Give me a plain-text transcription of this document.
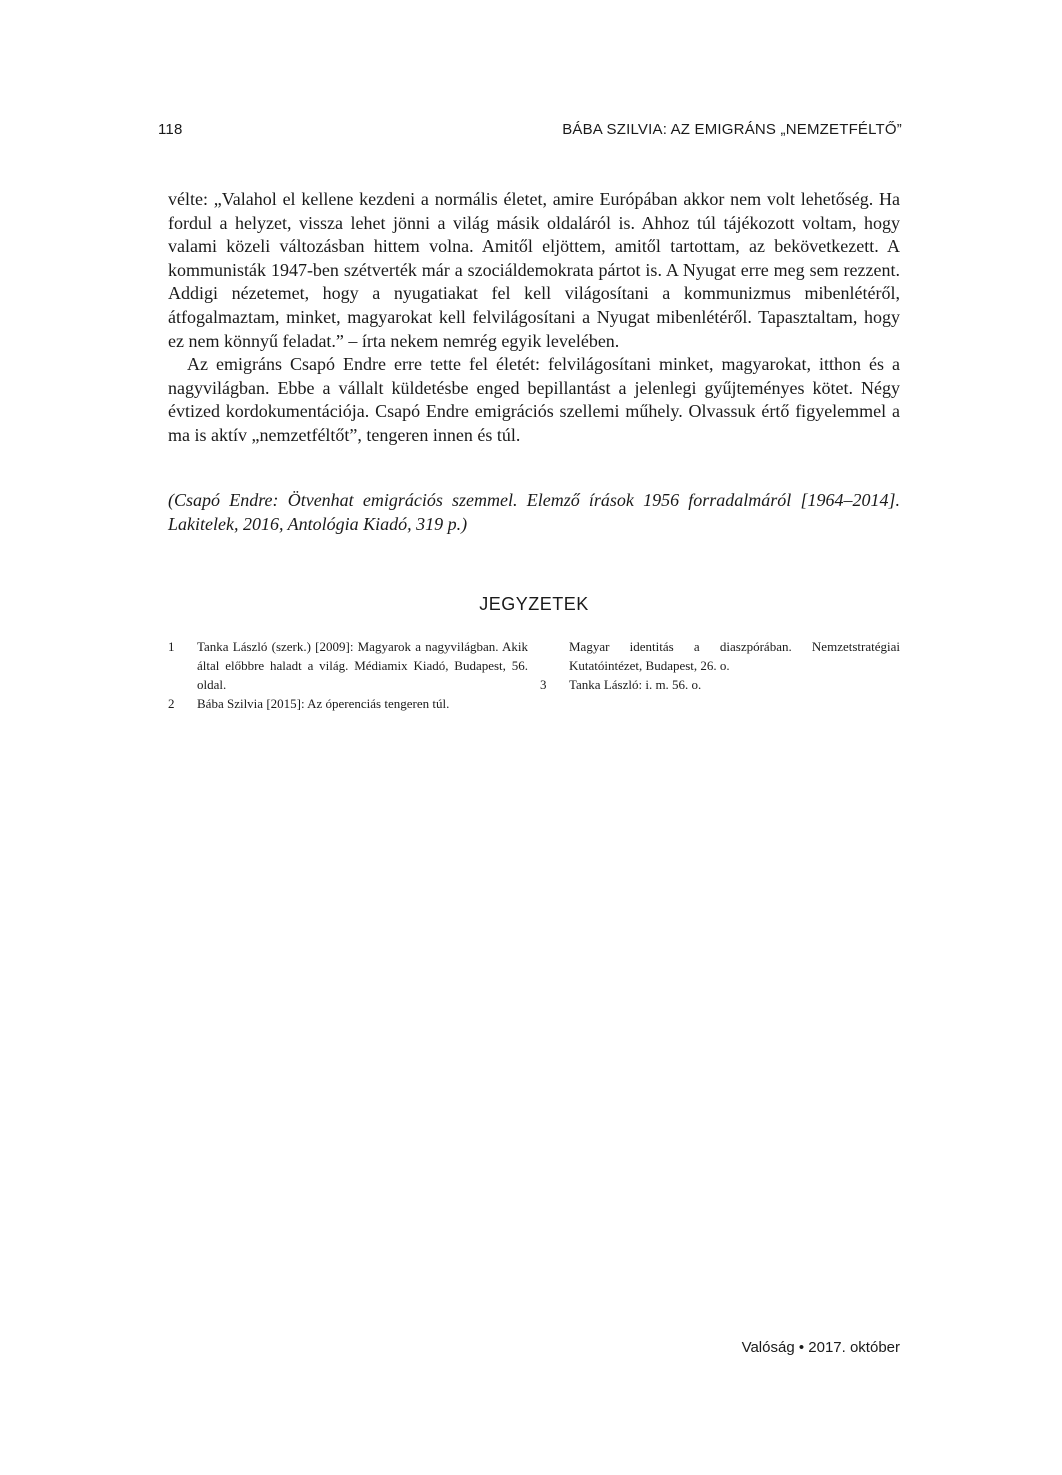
118	BÁBA SZILVIA: AZ EMIGRÁNS „NEMZETFÉLTŐ”

vélte: „Valahol el kellene kezdeni a normális életet, amire Európában akkor nem volt lehetőség. Ha fordul a helyzet, vissza lehet jönni a világ másik oldaláról is. Ahhoz túl tájékozott voltam, hogy valami közeli változásban hittem volna. Amitől eljöttem, amitől tartottam, az bekövetkezett. A kommunisták 1947-ben szétverték már a szociáldemokrata pártot is. A Nyugat erre meg sem rezzent. Addigi nézetemet, hogy a nyugatiakat fel kell világosítani a kommunizmus mibenlétéről, átfogalmaztam, minket, magyarokat kell felvilágosítani a Nyugat mibenlétéről. Tapasztaltam, hogy ez nem könnyű feladat.” – írta nekem nemrég egyik levelében.

Az emigráns Csapó Endre erre tette fel életét: felvilágosítani minket, magyarokat, itthon és a nagyvilágban. Ebbe a vállalt küldetésbe enged bepillantást a jelenlegi gyűjteményes kötet. Négy évtized kordokumentációja. Csapó Endre emigrációs szellemi műhely. Olvassuk értő figyelemmel a ma is aktív „nemzetféltőt”, tengeren innen és túl.

(Csapó Endre: Ötvenhat emigrációs szemmel. Elemző írások 1956 forradalmáról [1964–2014]. Lakitelek, 2016, Antológia Kiadó, 319 p.)
JEGYZETEK
1 Tanka László (szerk.) [2009]: Magyarok a nagyvilágban. Akik által előbbre haladt a világ. Médiamix Kiadó, Budapest, 56. oldal.
2 Bába Szilvia [2015]: Az óperenciás tengeren túl.
Magyar identitás a diaszpórában. Nemzetstratégiai Kutatóintézet, Budapest, 26. o.
3 Tanka László: i. m. 56. o.
Valóság • 2017. október
